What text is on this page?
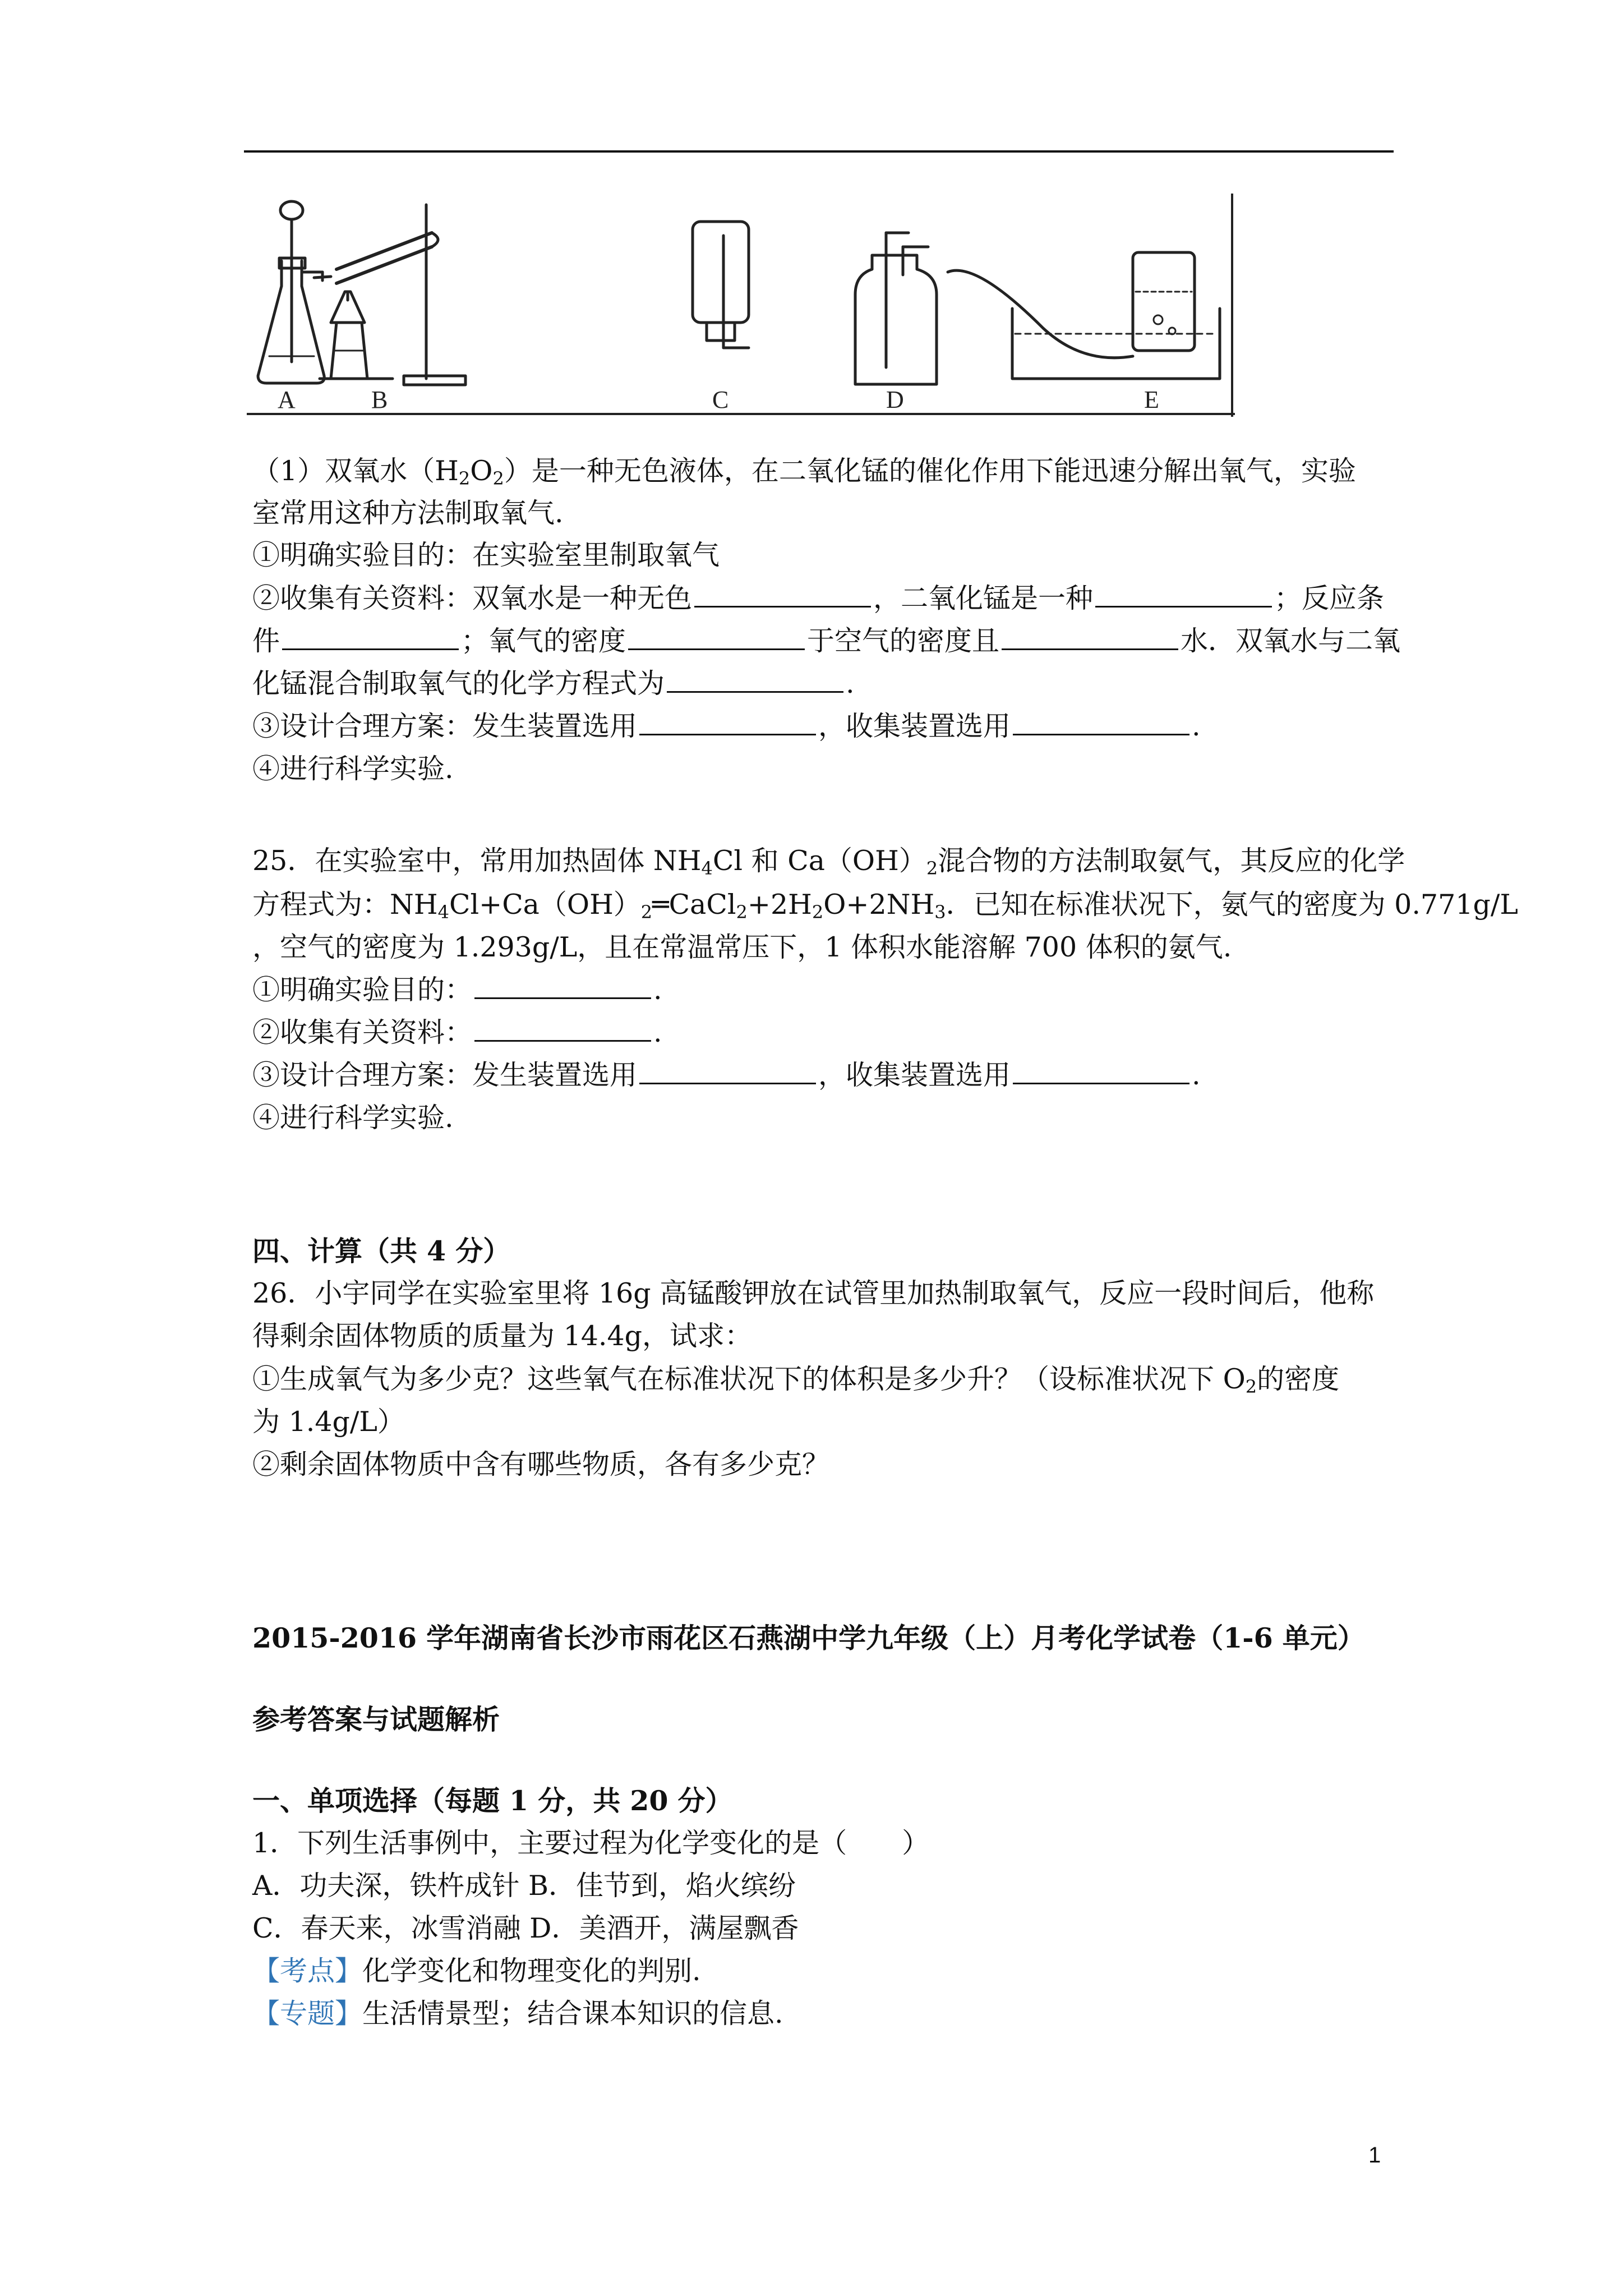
A	B	C	D	E
（1）双氧水$(H_2O_2)$是一种无色液体，在二氧化锰的催化作用下能迅速分解出氧气，实验
室常用这种方法制取氧气.
①明确实验目的：在实验室里制取氧气
②收集有关资料：双氧水是一种无色	，二氧化锰是一种	；反应条
件	；氧气的密度	于空气的密度且	水．双氧水与二氧
化锰混合制取氧气的化学方程式为	.
③设计合理方案：发生装置选用	，收集装置选用	.
④进行科学实验.
25．在实验室中，常用加热固体 $NH_4Cl$ 和 $Ca(OH)_2$混合物的方法制取氨气，其反应的化学
方程式为：$NH_4Cl+Ca(OH)_2═CaCl_2+2H_2O+2NH_3$．已知在标准状况下，氨气的密度为 0.771g/L
，空气的密度为 1.293g/L，且在常温常压下，1 体积水能溶解 700 体积的氨气.
①明确实验目的：	.
②收集有关资料：	.
③设计合理方案：发生装置选用	，收集装置选用	.
④进行科学实验.
四、计算（共 4 分）
26．小宇同学在实验室里将 16g 高锰酸钾放在试管里加热制取氧气，反应一段时间后，他称
得剩余固体物质的质量为 14.4g，试求：
①生成氧气为多少克？这些氧气在标准状况下的体积是多少升？（设标准状况下 $O_2$的密度
为 1.4g/L）
②剩余固体物质中含有哪些物质，各有多少克？
2015-2016 学年湖南省长沙市雨花区石燕湖中学九年级（上）月考化学试卷（1-6 单元）
参考答案与试题解析
一、单项选择（每题 1 分，共 20 分）
1．下列生活事例中，主要过程为化学变化的是（　　）
A．功夫深，铁杵成针 B．佳节到，焰火缤纷
C．春天来，冰雪消融 D．美酒开，满屋飘香
【考点】化学变化和物理变化的判别.
【专题】生活情景型；结合课本知识的信息.
1
